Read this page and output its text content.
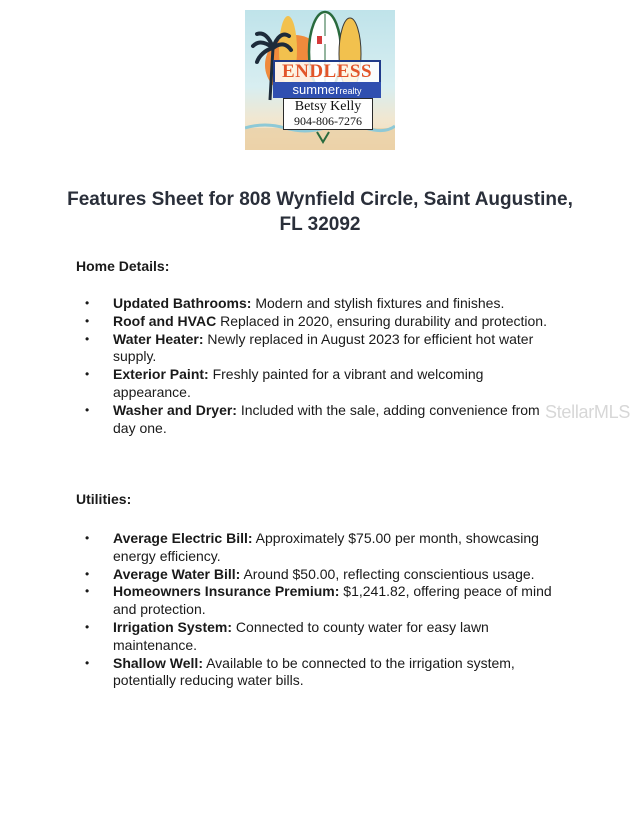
ENDLESS
summerrealty
Betsy Kelly
904-806-7276
Features Sheet for 808 Wynfield Circle, Saint Augustine, FL 32092
Home Details:
• Updated Bathrooms: Modern and stylish fixtures and finishes.
• Roof and HVAC Replaced in 2020, ensuring durability and protection.
• Water Heater: Newly replaced in August 2023 for efficient hot water supply.
• Exterior Paint: Freshly painted for a vibrant and welcoming appearance.
• Washer and Dryer: Included with the sale, adding convenience from day one.
Utilities:
• Average Electric Bill: Approximately $75.00 per month, showcasing energy efficiency.
• Average Water Bill: Around $50.00, reflecting conscientious usage.
• Homeowners Insurance Premium: $1,241.82, offering peace of mind and protection.
• Irrigation System: Connected to county water for easy lawn maintenance.
• Shallow Well: Available to be connected to the irrigation system, potentially reducing water bills.
StellarMLS
